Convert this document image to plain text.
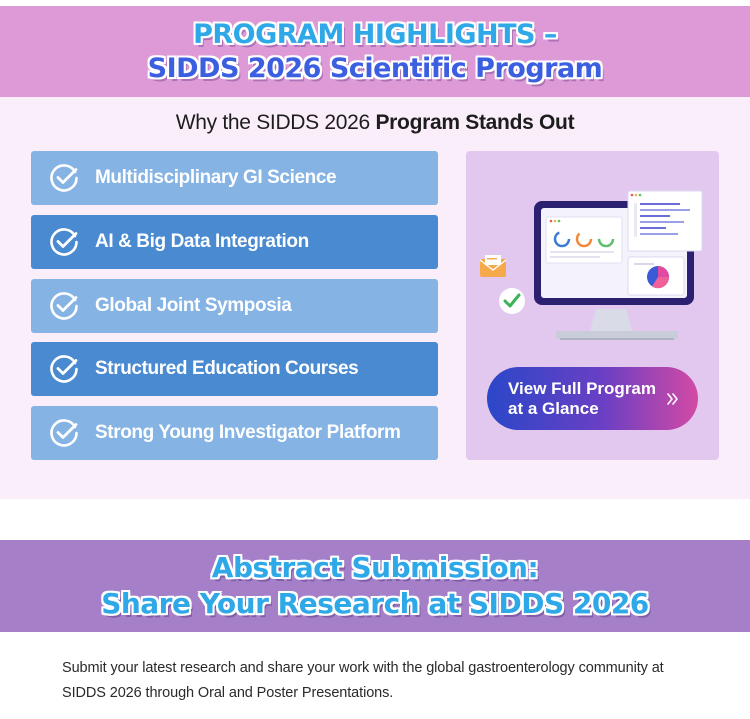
PROGRAM HIGHLIGHTS –
SIDDS 2026 Scientific Program
Why the SIDDS 2026 Program Stands Out
Multidisciplinary GI Science
AI & Big Data Integration
Global Joint Symposia
Structured Education Courses
Strong Young Investigator Platform
View Full Program
at a Glance
Abstract Submission:
Share Your Research at SIDDS 2026

Submit your latest research and share your work with the global gastroenterology community at SIDDS 2026 through Oral and Poster Presentations.
